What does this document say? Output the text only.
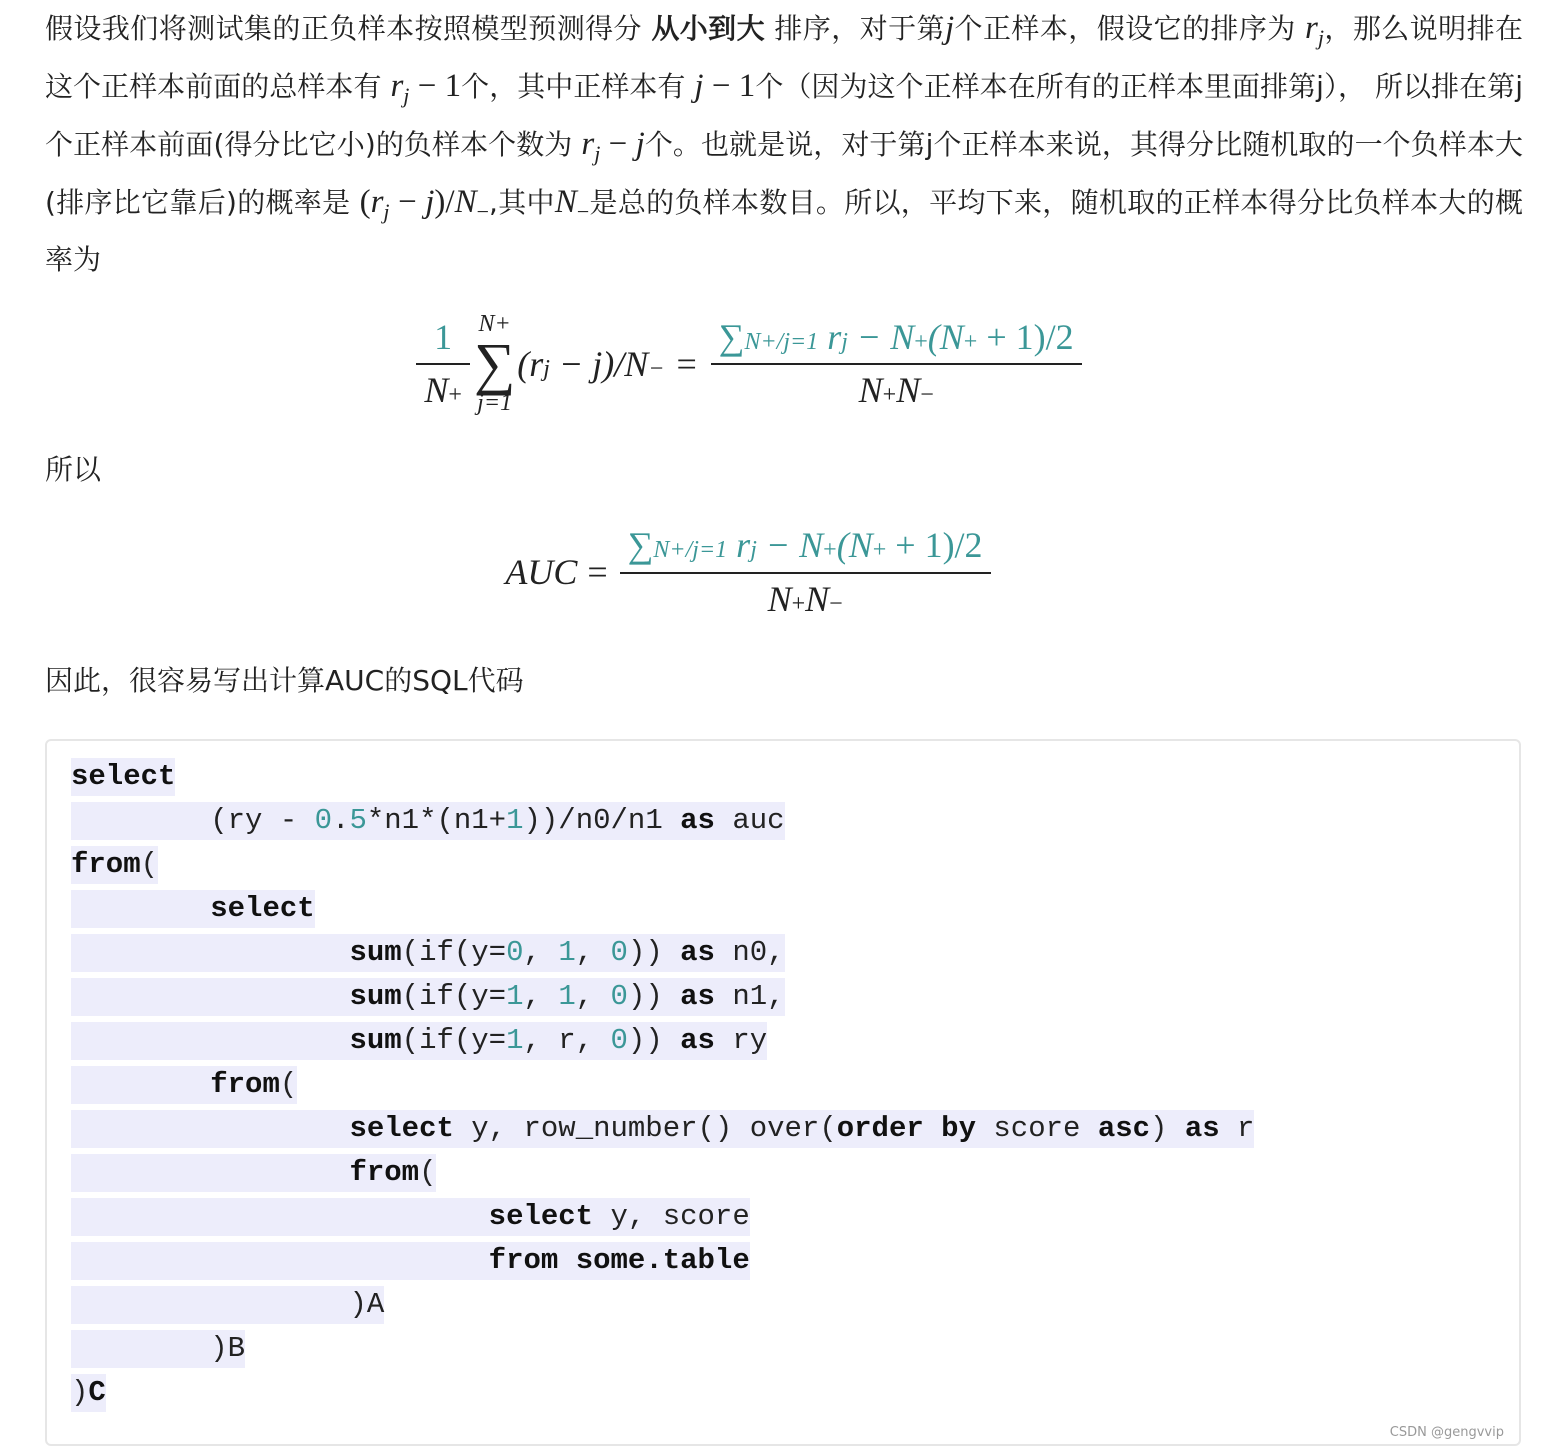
假设我们将测试集的正负样本按照模型预测得分 从小到大 排序，对于第j个正样本，假设它的排序为 $r_j$，那么说明排在这个正样本前面的总样本有 $r_j - 1$个，其中正样本有 j − 1个（因为这个正样本在所有的正样本里面排第j）， 所以排在第j个正样本前面(得分比它小)的负样本个数为 $r_j - j$个。也就是说，对于第j个正样本来说，其得分比随机取的一个负样本大(排序比它靠后)的概率是 $(r_j - j)/N_-$,其中$N_-$是总的负样本数目。所以，平均下来，随机取的正样本得分比负样本大的概率为

$\frac{1}{N+} N+$
∑
j=1
$(rj - j)/N- = \frac{\sum N+/j=1 rj - N+(N+ + 1)/2}{N+N-}$

所以

AUC = $\frac{\sum N+/j=1 rj - N+(N+ + 1)/2}{N+N-}$

因此，很容易写出计算AUC的SQL代码

select
(ry - 0.5*n1*(n1+1))/n0/n1 as auc
from(
select
sum(if(y=0, 1, 0)) as n0,
sum(if(y=1, 1, 0)) as n1,
sum(if(y=1, r, 0)) as ry
from(
select y, row_number() over(order by score asc) as r
from(
select y, score
from some.table
)A
)B
)C
CSDN @gengvvip
